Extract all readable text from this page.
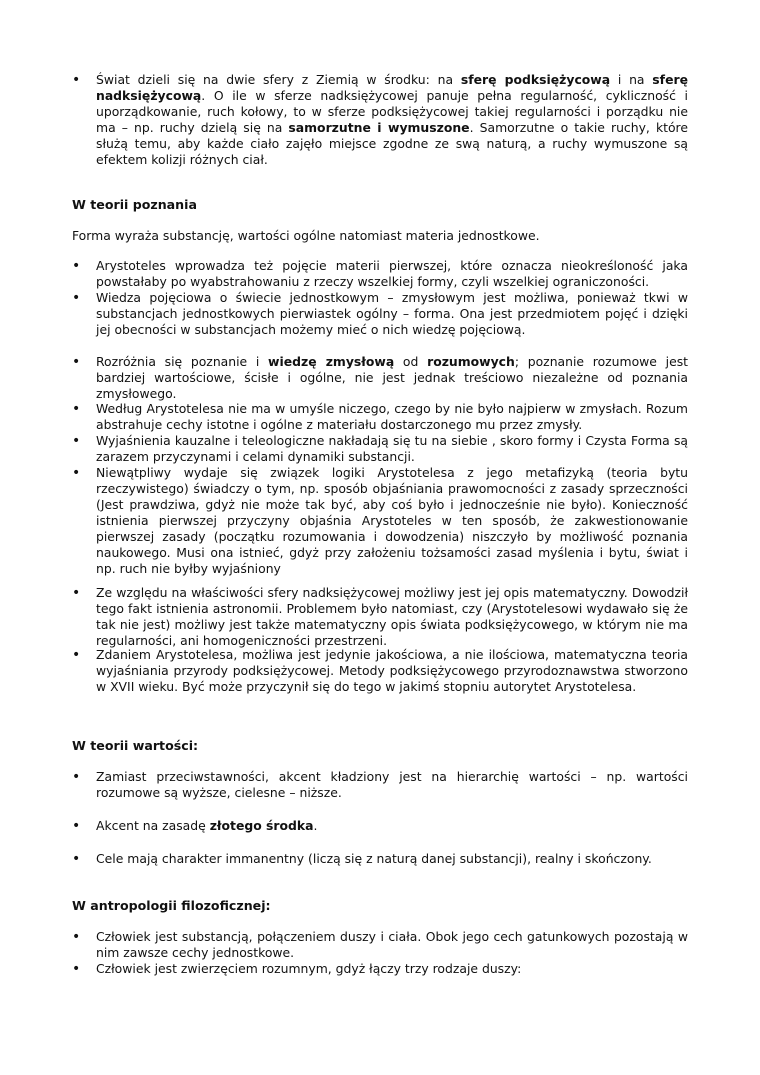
•
Świat dzieli się na dwie sfery z Ziemią w środku: na sferę podksiężycową i na sferę nadksiężycową. O ile w sferze nadksiężycowej panuje pełna regularność, cykliczność i uporządkowanie, ruch kołowy, to w sferze podksiężycowej takiej regularności i porządku nie ma – np. ruchy dzielą się na samorzutne i wymuszone. Samorzutne o takie ruchy, które służą temu, aby każde ciało zajęło miejsce zgodne ze swą naturą, a ruchy wymuszone są efektem kolizji różnych ciał.
W teorii poznania
Forma wyraża substancję, wartości ogólne natomiast materia jednostkowe.
•
Arystoteles wprowadza też pojęcie materii pierwszej, które oznacza nieokreśloność jaka powstałaby po wyabstrahowaniu z rzeczy wszelkiej formy, czyli wszelkiej ograniczoności.
•
Wiedza pojęciowa o świecie jednostkowym – zmysłowym jest możliwa, ponieważ tkwi w substancjach jednostkowych pierwiastek ogólny – forma. Ona jest przedmiotem pojęć i dzięki jej obecności w substancjach możemy mieć o nich wiedzę pojęciową.
•
Rozróżnia się poznanie i wiedzę zmysłową od rozumowych; poznanie rozumowe jest bardziej wartościowe, ścisłe i ogólne, nie jest jednak treściowo niezależne od poznania zmysłowego.
•
Według Arystotelesa nie ma w umyśle niczego, czego by nie było najpierw w zmysłach. Rozum abstrahuje cechy istotne i ogólne z materiału dostarczonego mu przez zmysły.
•
Wyjaśnienia kauzalne i teleologiczne nakładają się tu na siebie , skoro formy i Czysta Forma są zarazem przyczynami i celami dynamiki substancji.
•
Niewątpliwy wydaje się związek logiki Arystotelesa z jego metafizyką (teoria bytu rzeczywistego) świadczy o tym, np. sposób objaśniania prawomocności z zasady sprzeczności (Jest prawdziwa, gdyż nie może tak być, aby coś było i jednocześnie nie było). Konieczność istnienia pierwszej przyczyny objaśnia Arystoteles w ten sposób, że zakwestionowanie pierwszej zasady (początku rozumowania i dowodzenia) niszczyło by możliwość poznania naukowego. Musi ona istnieć, gdyż przy założeniu tożsamości zasad myślenia i bytu, świat i np. ruch nie byłby wyjaśniony
•
Ze względu na właściwości sfery nadksiężycowej możliwy jest jej opis matematyczny. Dowodził tego fakt istnienia astronomii. Problemem było natomiast, czy (Arystotelesowi wydawało się że tak nie jest) możliwy jest także matematyczny opis świata podksiężycowego, w którym nie ma regularności, ani homogeniczności przestrzeni.
•
Zdaniem Arystotelesa, możliwa jest jedynie jakościowa, a nie ilościowa, matematyczna teoria wyjaśniania przyrody podksiężycowej. Metody podksiężycowego przyrodoznawstwa stworzono w XVII wieku. Być może przyczynił się do tego w jakimś stopniu autorytet Arystotelesa.
W teorii wartości:
•
Zamiast przeciwstawności, akcent kładziony jest na hierarchię wartości – np. wartości rozumowe są wyższe, cielesne – niższe.
•
Akcent na zasadę złotego środka.
•
Cele mają charakter immanentny (liczą się z naturą danej substancji), realny i skończony.
W antropologii filozoficznej:
•
Człowiek jest substancją, połączeniem duszy i ciała. Obok jego cech gatunkowych pozostają w nim zawsze cechy jednostkowe.
•
Człowiek jest zwierzęciem rozumnym, gdyż łączy trzy rodzaje duszy:
